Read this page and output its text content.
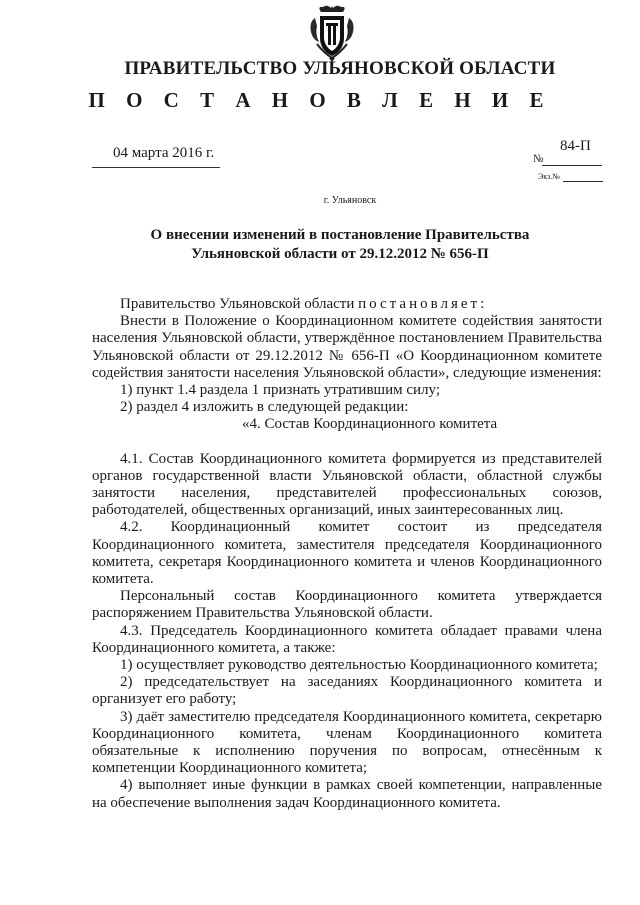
ПРАВИТЕЛЬСТВО УЛЬЯНОВСКОЙ ОБЛАСТИ
П О С Т А Н О В Л Е Н И Е
04 марта 2016 г.	84-П
№
Экз.№
г. Ульяновск
О внесении изменений в постановление Правительства
Ульяновской области от 29.12.2012 № 656-П

Правительство Ульяновской области постановляет:

Внести в Положение о Координационном комитете содействия занятости населения Ульяновской области, утверждённое постановлением Правительства Ульяновской области от 29.12.2012 № 656-П «О Координационном комитете содействия занятости населения Ульяновской области», следующие изменения:

1) пункт 1.4 раздела 1 признать утратившим силу;

2) раздел 4 изложить в следующей редакции:

«4. Состав Координационного комитета

4.1. Состав Координационного комитета формируется из представителей органов государственной власти Ульяновской области, областной службы занятости населения, представителей профессиональных союзов, работодателей, общественных организаций, иных заинтересованных лиц.

4.2. Координационный комитет состоит из председателя Координационного комитета, заместителя председателя Координационного комитета, секретаря Координационного комитета и членов Координационного комитета.

Персональный состав Координационного комитета утверждается распоряжением Правительства Ульяновской области.

4.3. Председатель Координационного комитета обладает правами члена Координационного комитета, а также:

1) осуществляет руководство деятельностью Координационного комитета;

2) председательствует на заседаниях Координационного комитета и организует его работу;

3) даёт заместителю председателя Координационного комитета, секретарю Координационного комитета, членам Координационного комитета обязательные к исполнению поручения по вопросам, отнесённым к компетенции Координационного комитета;

4) выполняет иные функции в рамках своей компетенции, направленные на обеспечение выполнения задач Координационного комитета.
